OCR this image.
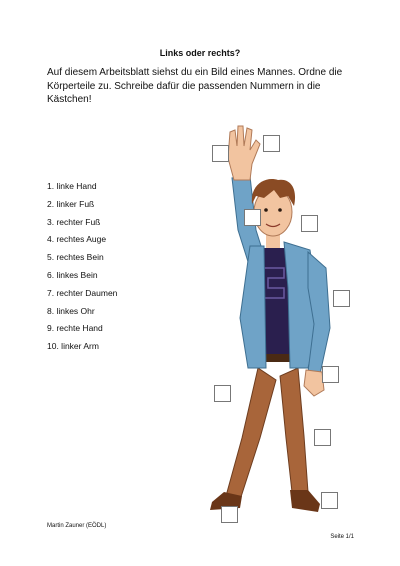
Links oder rechts?
Auf diesem Arbeitsblatt siehst du ein Bild eines Mannes. Ordne die Körperteile zu. Schreibe dafür die passenden Nummern in die Kästchen!
1. linke Hand
2. linker Fuß
3. rechter Fuß
4. rechtes Auge
5. rechtes Bein
6. linkes Bein
7. rechter Daumen
8. linkes Ohr
9. rechte Hand
10. linker Arm
Martin Zauner (EÖDL)
Seite 1/1
